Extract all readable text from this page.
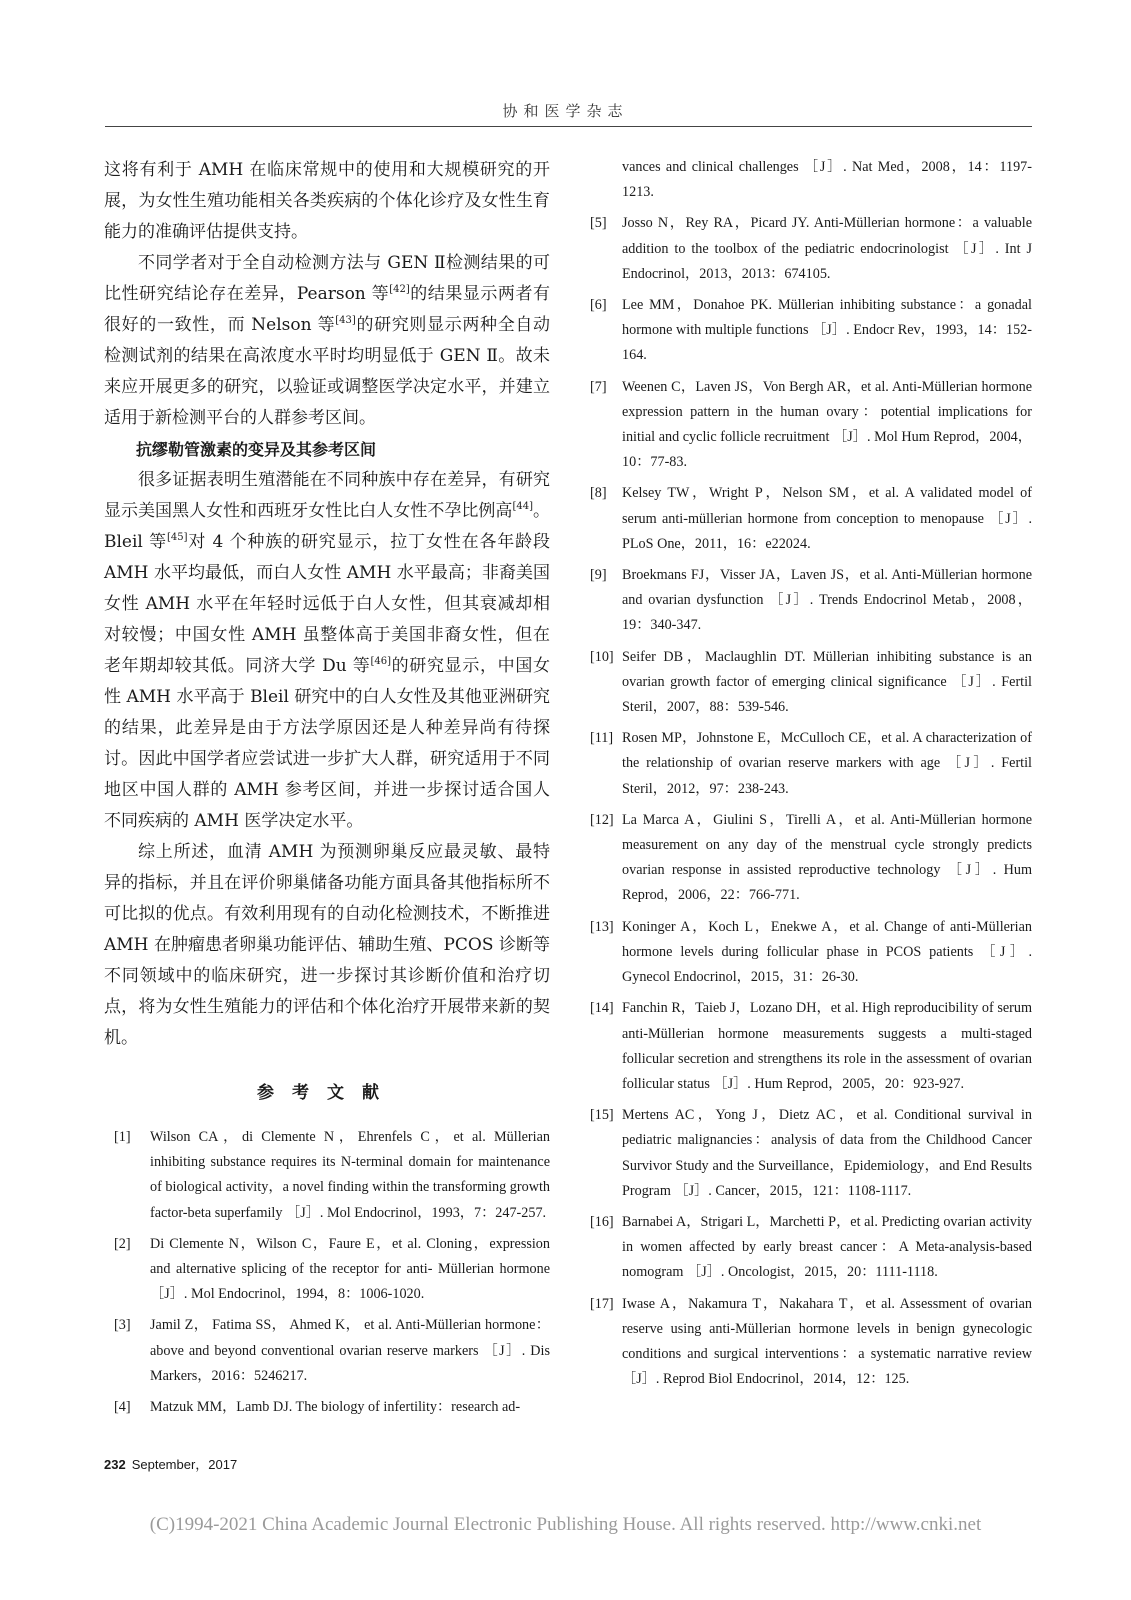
协和医学杂志

这将有利于 AMH 在临床常规中的使用和大规模研究的开展，为女性生殖功能相关各类疾病的个体化诊疗及女性生育能力的准确评估提供支持。

不同学者对于全自动检测方法与 GEN Ⅱ检测结果的可比性研究结论存在差异，Pearson 等[42]的结果显示两者有很好的一致性，而 Nelson 等[43]的研究则显示两种全自动检测试剂的结果在高浓度水平时均明显低于 GEN Ⅱ。故未来应开展更多的研究，以验证或调整医学决定水平，并建立适用于新检测平台的人群参考区间。

抗缪勒管激素的变异及其参考区间

很多证据表明生殖潜能在不同种族中存在差异，有研究显示美国黑人女性和西班牙女性比白人女性不孕比例高[44]。Bleil 等[45]对 4 个种族的研究显示，拉丁女性在各年龄段 AMH 水平均最低，而白人女性 AMH 水平最高；非裔美国女性 AMH 水平在年轻时远低于白人女性，但其衰减却相对较慢；中国女性 AMH 虽整体高于美国非裔女性，但在老年期却较其低。同济大学 Du 等[46]的研究显示，中国女性 AMH 水平高于 Bleil 研究中的白人女性及其他亚洲研究的结果，此差异是由于方法学原因还是人种差异尚有待探讨。因此中国学者应尝试进一步扩大人群，研究适用于不同地区中国人群的 AMH 参考区间，并进一步探讨适合国人不同疾病的 AMH 医学决定水平。

综上所述，血清 AMH 为预测卵巢反应最灵敏、最特异的指标，并且在评价卵巢储备功能方面具备其他指标所不可比拟的优点。有效利用现有的自动化检测技术，不断推进 AMH 在肿瘤患者卵巢功能评估、辅助生殖、PCOS 诊断等不同领域中的临床研究，进一步探讨其诊断价值和治疗切点，将为女性生殖能力的评估和个体化治疗开展带来新的契机。

参考文献
[1] Wilson CA，di Clemente N，Ehrenfels C，et al. Müllerian inhibiting substance requires its N-terminal domain for maintenance of biological activity，a novel finding within the transforming growth factor-beta superfamily ［J］. Mol Endocrinol，1993，7：247-257.
[2] Di Clemente N，Wilson C，Faure E，et al. Cloning，expression and alternative splicing of the receptor for anti- Müllerian hormone ［J］. Mol Endocrinol，1994，8：1006-1020.
[3] Jamil Z， Fatima SS， Ahmed K， et al. Anti-Müllerian hormone：above and beyond conventional ovarian reserve markers ［J］. Dis Markers，2016：5246217.
[4] Matzuk MM，Lamb DJ. The biology of infertility：research ad-
vances and clinical challenges ［J］. Nat Med，2008，14：1197-1213.
[5] Josso N，Rey RA，Picard JY. Anti-Müllerian hormone：a valuable addition to the toolbox of the pediatric endocrinologist ［J］. Int J Endocrinol，2013，2013：674105.
[6] Lee MM，Donahoe PK. Müllerian inhibiting substance：a gonadal hormone with multiple functions ［J］. Endocr Rev，1993，14：152-164.
[7] Weenen C，Laven JS，Von Bergh AR，et al. Anti-Müllerian hormone expression pattern in the human ovary：potential implications for initial and cyclic follicle recruitment ［J］. Mol Hum Reprod，2004，10：77-83.
[8] Kelsey TW，Wright P，Nelson SM，et al. A validated model of serum anti-müllerian hormone from conception to menopause ［J］. PLoS One，2011，16：e22024.
[9] Broekmans FJ，Visser JA，Laven JS，et al. Anti-Müllerian hormone and ovarian dysfunction ［J］. Trends Endocrinol Metab，2008，19：340-347.
[10] Seifer DB，Maclaughlin DT. Müllerian inhibiting substance is an ovarian growth factor of emerging clinical significance ［J］. Fertil Steril，2007，88：539-546.
[11] Rosen MP，Johnstone E，McCulloch CE，et al. A characterization of the relationship of ovarian reserve markers with age ［J］. Fertil Steril，2012，97：238-243.
[12] La Marca A，Giulini S，Tirelli A，et al. Anti-Müllerian hormone measurement on any day of the menstrual cycle strongly predicts ovarian response in assisted reproductive technology ［J］. Hum Reprod，2006，22：766-771.
[13] Koninger A，Koch L，Enekwe A，et al. Change of anti-Müllerian hormone levels during follicular phase in PCOS patients ［J］. Gynecol Endocrinol，2015，31：26-30.
[14] Fanchin R，Taieb J，Lozano DH，et al. High reproducibility of serum anti-Müllerian hormone measurements suggests a multi-staged follicular secretion and strengthens its role in the assessment of ovarian follicular status ［J］. Hum Reprod，2005，20：923-927.
[15] Mertens AC，Yong J，Dietz AC，et al. Conditional survival in pediatric malignancies：analysis of data from the Childhood Cancer Survivor Study and the Surveillance，Epidemiology，and End Results Program ［J］. Cancer，2015，121：1108-1117.
[16] Barnabei A，Strigari L，Marchetti P，et al. Predicting ovarian activity in women affected by early breast cancer：A Meta-analysis-based nomogram ［J］. Oncologist，2015，20：1111-1118.
[17] Iwase A，Nakamura T，Nakahara T，et al. Assessment of ovarian reserve using anti-Müllerian hormone levels in benign gynecologic conditions and surgical interventions：a systematic narrative review ［J］. Reprod Biol Endocrinol，2014，12：125.
232 September，2017
(C)1994-2021 China Academic Journal Electronic Publishing House. All rights reserved. http://www.cnki.net
